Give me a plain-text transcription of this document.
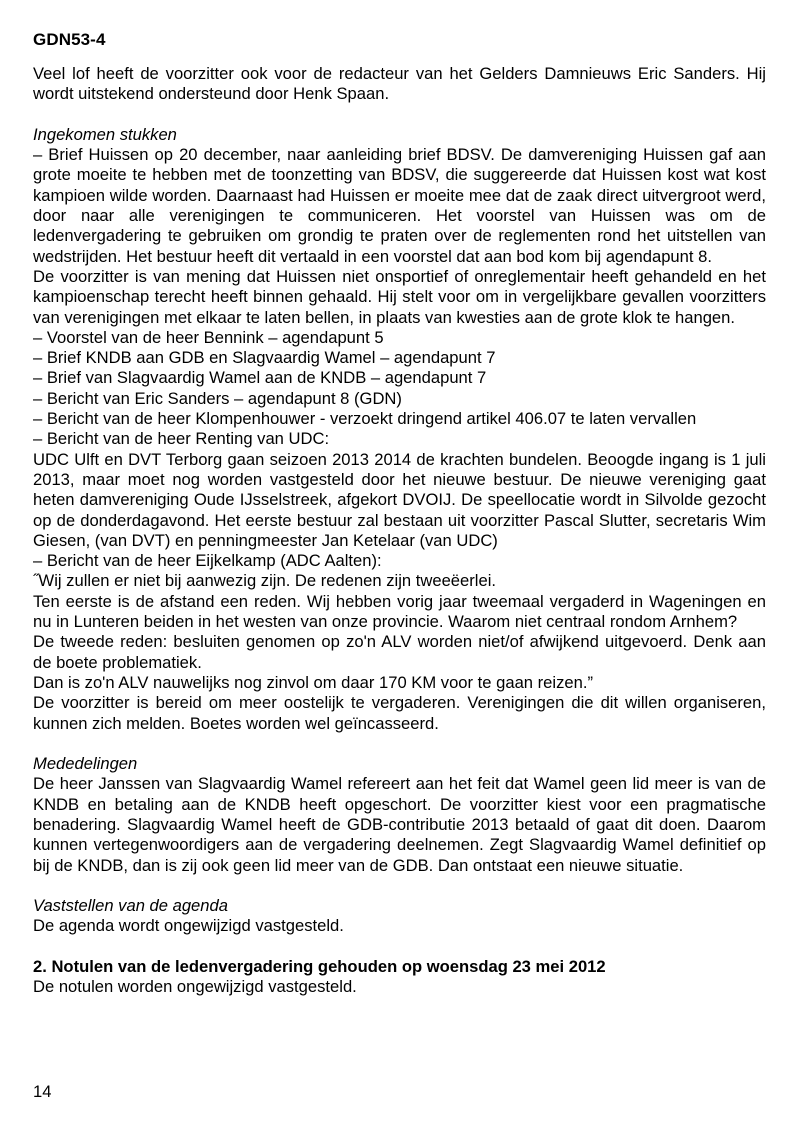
GDN53-4

Veel lof heeft de voorzitter ook voor de redacteur van het Gelders Damnieuws Eric Sanders. Hij wordt uitstekend ondersteund door Henk Spaan.

Ingekomen stukken

– Brief Huissen op 20 december, naar aanleiding brief BDSV. De damvereniging Huissen gaf aan grote moeite te hebben met de toonzetting van BDSV, die suggereerde dat Huissen kost wat kost kampioen wilde worden. Daarnaast had Huissen er moeite mee dat de zaak direct uitvergroot werd, door naar alle verenigingen te communiceren. Het voorstel van Huissen was om de ledenvergadering te gebruiken om grondig te praten over de reglementen rond het uitstellen van wedstrijden. Het bestuur heeft dit vertaald in een voorstel dat aan bod kom bij agendapunt 8.

De voorzitter is van mening dat Huissen niet onsportief of onreglementair heeft gehandeld en het kampioenschap terecht heeft binnen gehaald. Hij stelt voor om in vergelijkbare gevallen voorzitters van verenigingen met elkaar te laten bellen, in plaats van kwesties aan de grote klok te hangen.

– Voorstel van de heer Bennink – agendapunt 5
– Brief KNDB aan GDB en Slagvaardig Wamel – agendapunt 7
– Brief van Slagvaardig Wamel aan de KNDB – agendapunt 7
– Bericht van Eric Sanders – agendapunt 8 (GDN)
– Bericht van de heer Klompenhouwer - verzoekt dringend artikel 406.07 te laten vervallen
– Bericht van de heer Renting van UDC:

UDC Ulft en DVT Terborg gaan seizoen 2013 2014 de krachten bundelen. Beoogde ingang is 1 juli 2013, maar moet nog worden vastgesteld door het nieuwe bestuur. De nieuwe vereniging gaat heten damvereniging Oude IJsselstreek, afgekort DVOIJ. De speellocatie wordt in Silvolde gezocht op de donderdagavond. Het eerste bestuur zal bestaan uit voorzitter Pascal Slutter, secretaris Wim Giesen, (van DVT) en penningmeester Jan Ketelaar (van UDC)

– Bericht van de heer Eijkelkamp (ADC Aalten):

˝Wij zullen er niet bij aanwezig zijn. De redenen zijn tweeëerlei.

Ten eerste is de afstand een reden. Wij hebben vorig jaar tweemaal vergaderd in Wageningen en nu in Lunteren beiden in het westen van onze provincie. Waarom niet centraal rondom Arnhem?

De tweede reden: besluiten genomen op zo'n ALV worden niet/of afwijkend uitgevoerd. Denk aan de boete problematiek.

Dan is zo'n ALV nauwelijks nog zinvol om daar 170 KM voor te gaan reizen.”

De voorzitter is bereid om meer oostelijk te vergaderen. Verenigingen die dit willen organiseren, kunnen zich melden. Boetes worden wel geïncasseerd.

Mededelingen

De heer Janssen van Slagvaardig Wamel refereert aan het feit dat Wamel geen lid meer is van de KNDB en betaling aan de KNDB heeft opgeschort. De voorzitter kiest voor een pragmatische benadering. Slagvaardig Wamel heeft de GDB-contributie 2013 betaald of gaat dit doen. Daarom kunnen vertegenwoordigers aan de vergadering deelnemen. Zegt Slagvaardig Wamel definitief op bij de KNDB, dan is zij ook geen lid meer van de GDB. Dan ontstaat een nieuwe situatie.

Vaststellen van de agenda

De agenda wordt ongewijzigd vastgesteld.

2. Notulen van de ledenvergadering gehouden op woensdag 23 mei 2012

De notulen worden ongewijzigd vastgesteld.

14
